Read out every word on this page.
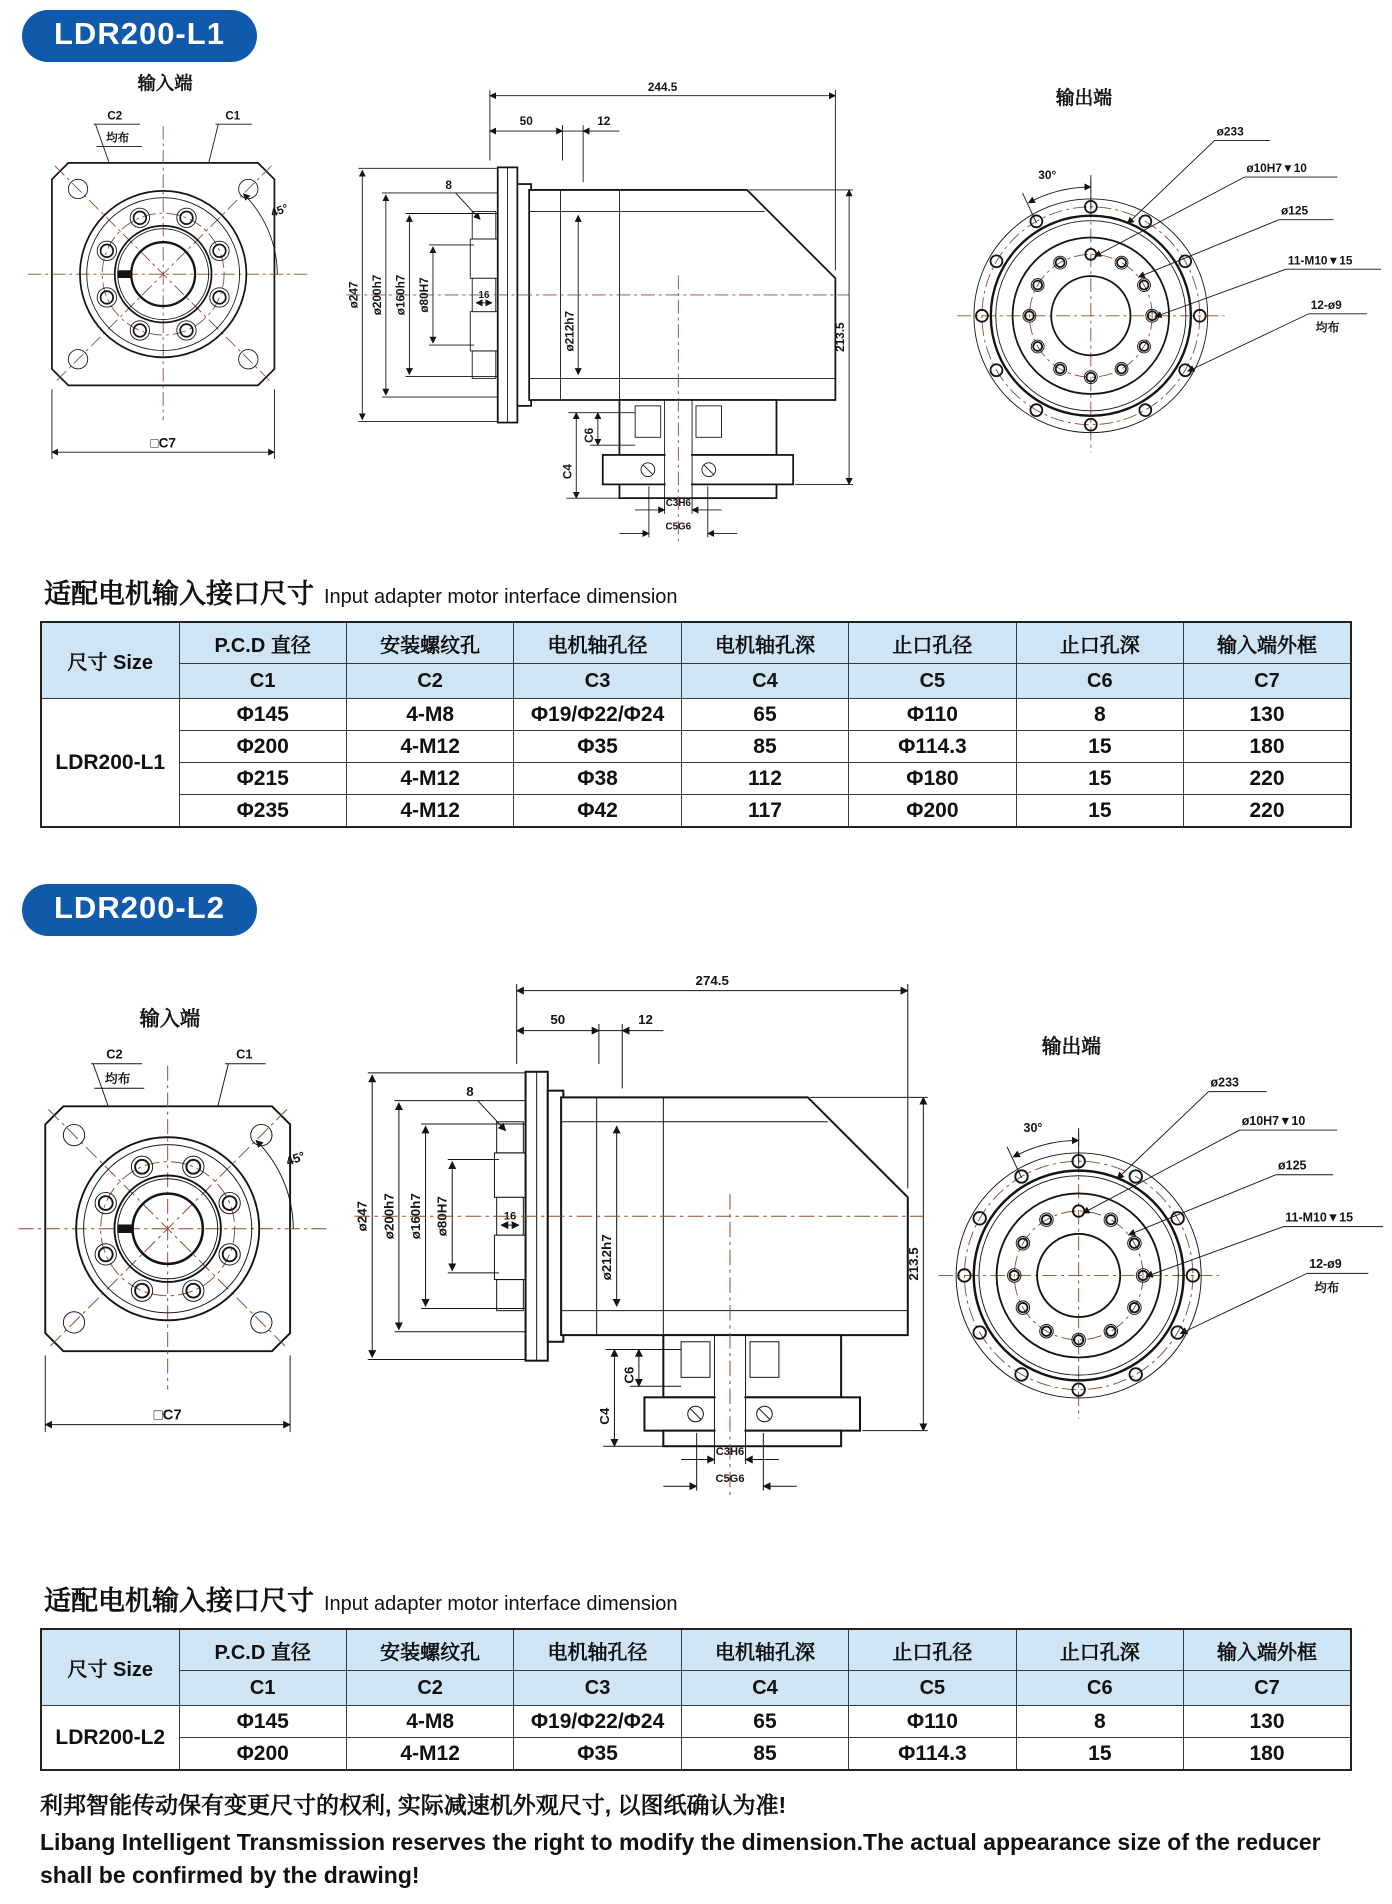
LDR200-L1
输入端
C2
均布
C1
45°
□C7
244.5
50	12
ø247 ø200h7 ø160h7 ø80H7	16
8
ø212h7	213.5
C4
C6
C3H6
C5G6
输出端
30°
ø233
ø10H7▼10
ø125
11-M10▼15
12-ø9
均布
适配电机输入接口尺寸 Input adapter motor interface dimension
尺寸 Size	P.C.D 直径	安装螺纹孔	电机轴孔径	电机轴孔深	止口孔径	止口孔深	输入端外框
	C1	C2	C3	C4	C5	C6	C7
LDR200-L1	Φ145	4-M8	Φ19/Φ22/Φ24	65	Φ110	8	130
	Φ200	4-M12	Φ35	85	Φ114.3	15	180
	Φ215	4-M12	Φ38	112	Φ180	15	220
	Φ235	4-M12	Φ42	117	Φ200	15	220
LDR200-L2
输入端
C2
均布
C1
45°
□C7
274.5
50	12
ø247 ø200h7 ø160h7 ø80H7	16
8
ø212h7	213.5
C4
C6
C3H6
C5G6
输出端
30°
ø233
ø10H7▼10
ø125
11-M10▼15
12-ø9
均布
适配电机输入接口尺寸 Input adapter motor interface dimension
尺寸 Size	P.C.D 直径	安装螺纹孔	电机轴孔径	电机轴孔深	止口孔径	止口孔深	输入端外框
	C1	C2	C3	C4	C5	C6	C7
LDR200-L2	Φ145	4-M8	Φ19/Φ22/Φ24	65	Φ110	8	130
	Φ200	4-M12	Φ35	85	Φ114.3	15	180
利邦智能传动保有变更尺寸的权利, 实际减速机外观尺寸, 以图纸确认为准!
Libang Intelligent Transmission reserves the right to modify the dimension.The actual appearance size of the reducer
shall be confirmed by the drawing!
